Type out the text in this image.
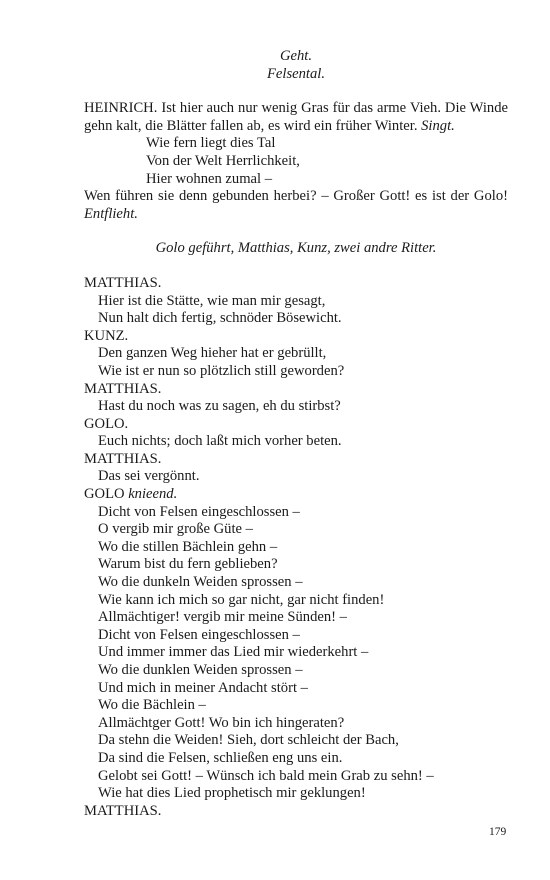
Geht.

Felsental.

HEINRICH. Ist hier auch nur wenig Gras für das arme Vieh. Die Winde gehn kalt, die Blätter fallen ab, es wird ein früher Winter. Singt.

Wie fern liegt dies Tal

Von der Welt Herrlichkeit,

Hier wohnen zumal –

Wen führen sie denn gebunden herbei? – Großer Gott! es ist der Golo! Entflieht.

Golo geführt, Matthias, Kunz, zwei andre Ritter.

MATTHIAS.

Hier ist die Stätte, wie man mir gesagt,

Nun halt dich fertig, schnöder Bösewicht.

KUNZ.

Den ganzen Weg hieher hat er gebrüllt,

Wie ist er nun so plötzlich still geworden?

MATTHIAS.

Hast du noch was zu sagen, eh du stirbst?

GOLO.

Euch nichts; doch laßt mich vorher beten.

MATTHIAS.

Das sei vergönnt.

GOLO knieend.

Dicht von Felsen eingeschlossen –

O vergib mir große Güte –

Wo die stillen Bächlein gehn –

Warum bist du fern geblieben?

Wo die dunkeln Weiden sprossen –

Wie kann ich mich so gar nicht, gar nicht finden!

Allmächtiger! vergib mir meine Sünden! –

Dicht von Felsen eingeschlossen –

Und immer immer das Lied mir wiederkehrt –

Wo die dunklen Weiden sprossen –

Und mich in meiner Andacht stört –

Wo die Bächlein –

Allmächtger Gott! Wo bin ich hingeraten?

Da stehn die Weiden! Sieh, dort schleicht der Bach,

Da sind die Felsen, schließen eng uns ein.

Gelobt sei Gott! – Wünsch ich bald mein Grab zu sehn! –

Wie hat dies Lied prophetisch mir geklungen!

MATTHIAS.

179
